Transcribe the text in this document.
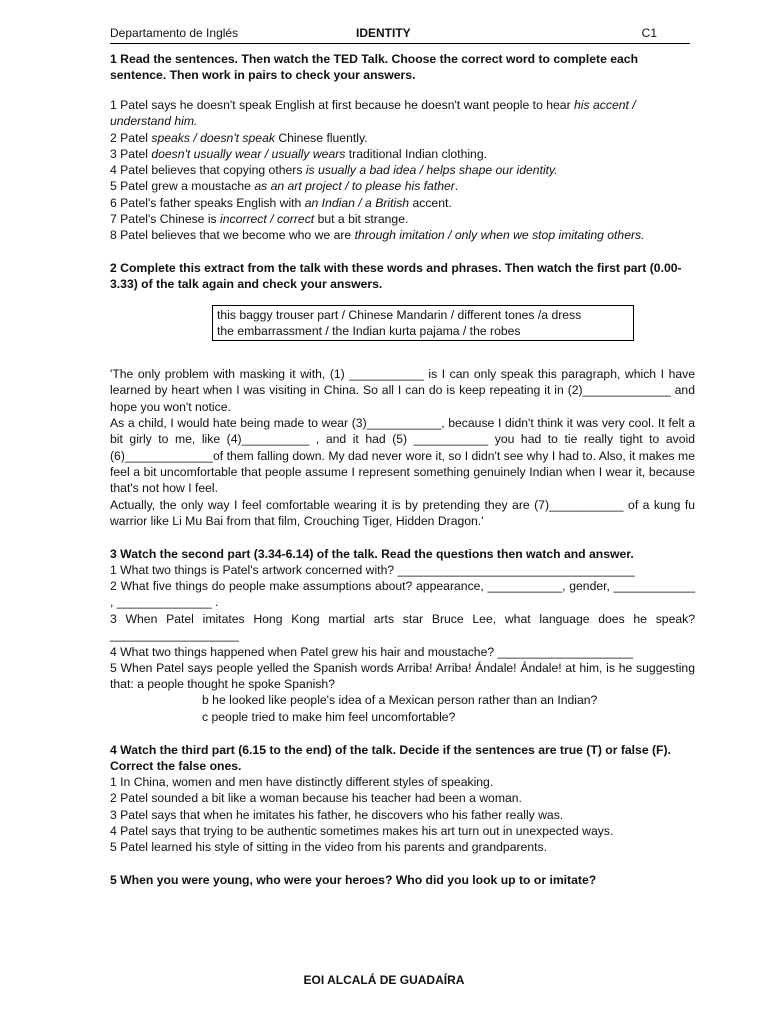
Departamento de Inglés	IDENTITY	C1
1 Read the sentences. Then watch the TED Talk. Choose the correct word to complete each sentence. Then work in pairs to check your answers.
1 Patel says he doesn't speak English at first because he doesn't want people to hear his accent / understand him.
2 Patel speaks / doesn't speak Chinese fluently.
3 Patel doesn't usually wear / usually wears traditional Indian clothing.
4 Patel believes that copying others is usually a bad idea / helps shape our identity.
5 Patel grew a moustache as an art project / to please his father.
6 Patel's father speaks English with an Indian / a British accent.
7 Patel's Chinese is incorrect / correct but a bit strange.
8 Patel believes that we become who we are through imitation / only when we stop imitating others.
2 Complete this extract from the talk with these words and phrases. Then watch the first part (0.00-3.33) of the talk again and check your answers.
this baggy trouser part / Chinese Mandarin / different tones /a dress
the embarrassment / the Indian kurta pajama / the robes
'The only problem with masking it with, (1) ___________ is I can only speak this paragraph, which I have learned by heart when I was visiting in China. So all I can do is keep repeating it in (2)_____________ and hope you won't notice.
As a child, I would hate being made to wear (3)___________, because I didn't think it was very cool. It felt a bit girly to me, like (4)__________ , and it had (5) ___________ you had to tie really tight to avoid (6)_____________of them falling down. My dad never wore it, so I didn't see why I had to. Also, it makes me feel a bit uncomfortable that people assume I represent something genuinely Indian when I wear it, because that's not how I feel.
Actually, the only way I feel comfortable wearing it is by pretending they are (7)___________ of a kung fu warrior like Li Mu Bai from that film, Crouching Tiger, Hidden Dragon.'
3 Watch the second part (3.34-6.14) of the talk. Read the questions then watch and answer.
1 What two things is Patel's artwork concerned with? ___________________________________
2 What five things do people make assumptions about? appearance, ___________, gender, ____________ , ______________ .
3 When Patel imitates Hong Kong martial arts star Bruce Lee, what language does he speak? ___________________
4 What two things happened when Patel grew his hair and moustache? ____________________
5 When Patel says people yelled the Spanish words Arriba! Arriba! Ándale! Ándale! at him, is he suggesting that: a people thought he spoke Spanish?
b he looked like people's idea of a Mexican person rather than an Indian?
c people tried to make him feel uncomfortable?
4 Watch the third part (6.15 to the end) of the talk. Decide if the sentences are true (T) or false (F). Correct the false ones.
1 In China, women and men have distinctly different styles of speaking.
2 Patel sounded a bit like a woman because his teacher had been a woman.
3 Patel says that when he imitates his father, he discovers who his father really was.
4 Patel says that trying to be authentic sometimes makes his art turn out in unexpected ways.
5 Patel learned his style of sitting in the video from his parents and grandparents.
5 When you were young, who were your heroes? Who did you look up to or imitate?
EOI ALCALÁ DE GUADAÍRA
